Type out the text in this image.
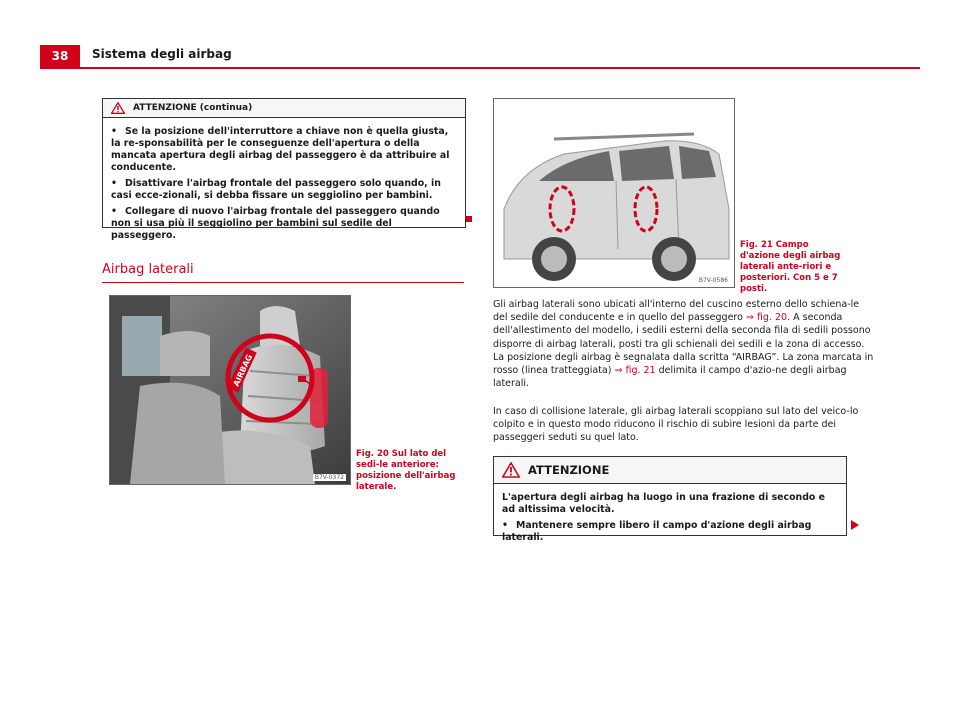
38	Sistema degli airbag
ATTENZIONE (continua)
• Se la posizione dell'interruttore a chiave non è quella giusta, la re-sponsabilità per le conseguenze dell'apertura o della mancata apertura degli airbag del passeggero è da attribuire al conducente.
• Disattivare l'airbag frontale del passeggero solo quando, in casi ecce-zionali, si debba fissare un seggiolino per bambini.
• Collegare di nuovo l'airbag frontale del passeggero quando non si usa più il seggiolino per bambini sul sedile del passeggero.
Airbag laterali
AIRBAG
B7V-0372
Fig. 20 Sul lato del sedi-le anteriore: posizione dell'airbag laterale.
B7V-0586
Fig. 21 Campo d'azione degli airbag laterali ante-riori e posteriori. Con 5 e 7 posti.
Gli airbag laterali sono ubicati all'interno del cuscino esterno dello schiena-le del sedile del conducente e in quello del passeggero ⇒ fig. 20. A seconda dell'allestimento del modello, i sedili esterni della seconda fila di sedili possono disporre di airbag laterali, posti tra gli schienali dei sedili e la zona di accesso. La posizione degli airbag è segnalata dalla scritta “AIRBAG”. La zona marcata in rosso (linea tratteggiata) ⇒ fig. 21 delimita il campo d'azio-ne degli airbag laterali.
In caso di collisione laterale, gli airbag laterali scoppiano sul lato del veico-lo colpito e in questo modo riducono il rischio di subire lesioni da parte dei passeggeri seduti su quel lato.
ATTENZIONE
L'apertura degli airbag ha luogo in una frazione di secondo e ad altissima velocità.
• Mantenere sempre libero il campo d'azione degli airbag laterali.
